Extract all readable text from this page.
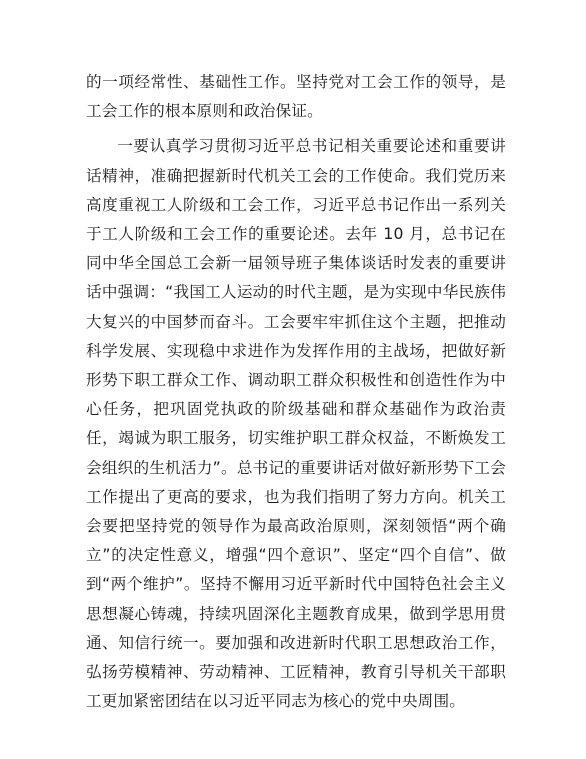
的一项经常性、基础性工作。坚持党对工会工作的领导，是工会工作的根本原则和政治保证。

一要认真学习贯彻习近平总书记相关重要论述和重要讲话精神，准确把握新时代机关工会的工作使命。我们党历来高度重视工人阶级和工会工作，习近平总书记作出一系列关于工人阶级和工会工作的重要论述。去年 10 月，总书记在同中华全国总工会新一届领导班子集体谈话时发表的重要讲话中强调：“我国工人运动的时代主题，是为实现中华民族伟大复兴的中国梦而奋斗。工会要牢牢抓住这个主题，把推动科学发展、实现稳中求进作为发挥作用的主战场，把做好新形势下职工群众工作、调动职工群众积极性和创造性作为中心任务，把巩固党执政的阶级基础和群众基础作为政治责任，竭诚为职工服务，切实维护职工群众权益，不断焕发工会组织的生机活力”。总书记的重要讲话对做好新形势下工会工作提出了更高的要求，也为我们指明了努力方向。机关工会要把坚持党的领导作为最高政治原则，深刻领悟“两个确立”的决定性意义，增强“四个意识”、坚定“四个自信”、做到“两个维护”。坚持不懈用习近平新时代中国特色社会主义思想凝心铸魂，持续巩固深化主题教育成果，做到学思用贯通、知信行统一。要加强和改进新时代职工思想政治工作，弘扬劳模精神、劳动精神、工匠精神，教育引导机关干部职工更加紧密团结在以习近平同志为核心的党中央周围。
